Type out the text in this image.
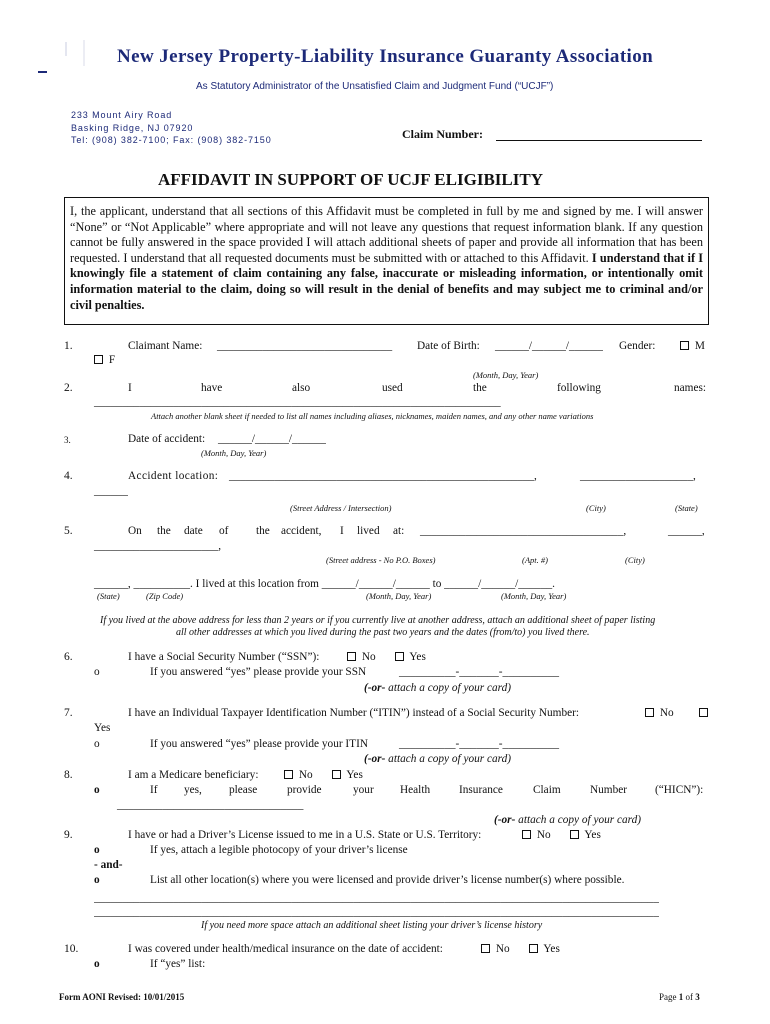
New Jersey Property-Liability Insurance Guaranty Association
As Statutory Administrator of the Unsatisfied Claim and Judgment Fund (“UCJF”)
233 Mount Airy Road
Basking Ridge, NJ 07920
Tel: (908) 382-7100; Fax: (908) 382-7150	Claim Number:
AFFIDAVIT IN SUPPORT OF UCJF ELIGIBILITY
I, the applicant, understand that all sections of this Affidavit must be completed in full by me and signed by me. I will answer “None” or “Not Applicable” where appropriate and will not leave any questions that request information blank. If any question cannot be fully answered in the space provided I will attach additional sheets of paper and provide all information that has been requested. I understand that all requested documents must be submitted with or attached to this Affidavit. I understand that if I knowingly file a statement of claim containing any false, inaccurate or misleading information, or intentionally omit information material to the claim, doing so will result in the denial of benefits and may subject me to criminal and/or civil penalties.
1.	Claimant Name: _______________________________ Date of Birth: ______/______/______ Gender:	M
F
(Month, Day, Year)
2.	I	have	also	used	the	following	names:
________________________________________________________________________
Attach another blank sheet if needed to list all names including aliases, nicknames, maiden names, and any other name variations
3.	Date of accident: ______/______/______
(Month, Day, Year)
4.	Accident location: ______________________________________________________,	____________________,
______
(Street Address / Intersection)	(City)	(State)
5.	On the date of the accident, I lived at: ____________________________________,	______,
______________________,
(Street address - No P.O. Boxes)	(Apt. #)	(City)
______, __________. I lived at this location from ______/______/______ to ______/______/______.
(State)	(Zip Code)	(Month, Day, Year)	(Month, Day, Year)
If you lived at the above address for less than 2 years or if you currently live at another address, attach an additional sheet of paper listing
all other addresses at which you lived during the past two years and the dates (from/to) you lived there.
6.	I have a Social Security Number (“SSN”):	No	Yes
o	If you answered “yes” please provide your SSN	__________-_______-__________
(-or- attach a copy of your card)
7.	I have an Individual Taxpayer Identification Number (“ITIN”) instead of a Social Security Number:	No
Yes
o	If you answered “yes” please provide your ITIN	__________-_______-__________
(-or- attach a copy of your card)
8.	I am a Medicare beneficiary:	No	Yes
o	If yes, please	provide	your Health	Insurance	Claim	Number (“HICN”):
_________________________________
(-or- attach a copy of your card)
9.	I have or had a Driver’s License issued to me in a U.S. State or U.S. Territory:	No	Yes
o	If yes, attach a legible photocopy of your driver’s license
- and-
o	List all other location(s) where you were licensed and provide driver’s license number(s) where possible.
____________________________________________________________________________________________________
____________________________________________________________________________________________________
If you need more space attach an additional sheet listing your driver’s license history
10.	I was covered under health/medical insurance on the date of accident:	No	Yes
o	If “yes” list:
Form AONI Revised: 10/01/2015	Page 1 of 3
